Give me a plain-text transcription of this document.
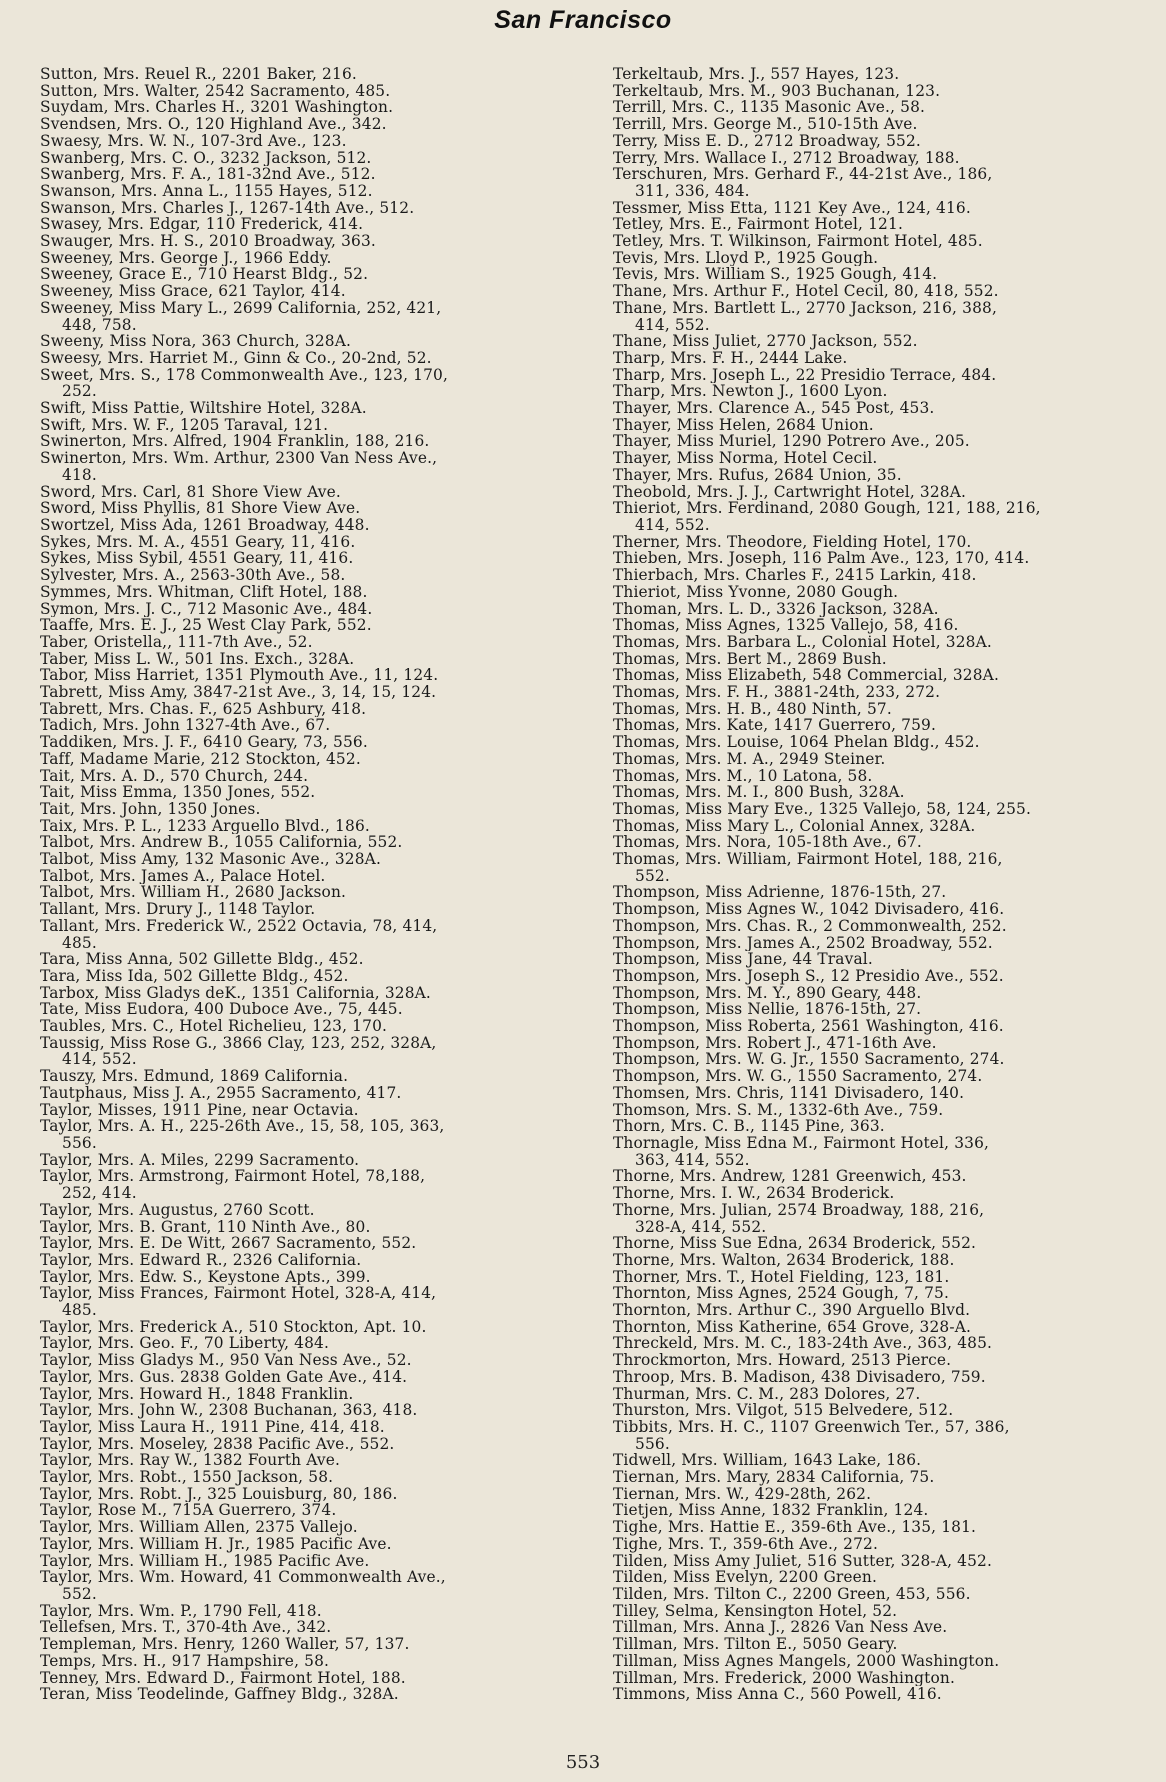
San Francisco
Sutton, Mrs. Reuel R., 2201 Baker, 216.
Sutton, Mrs. Walter, 2542 Sacramento, 485.
Suydam, Mrs. Charles H., 3201 Washington.
Svendsen, Mrs. O., 120 Highland Ave., 342.
Swaesy, Mrs. W. N., 107-3rd Ave., 123.
Swanberg, Mrs. C. O., 3232 Jackson, 512.
Swanberg, Mrs. F. A., 181-32nd Ave., 512.
Swanson, Mrs. Anna L., 1155 Hayes, 512.
Swanson, Mrs. Charles J., 1267-14th Ave., 512.
Swasey, Mrs. Edgar, 110 Frederick, 414.
Swauger, Mrs. H. S., 2010 Broadway, 363.
Sweeney, Mrs. George J., 1966 Eddy.
Sweeney, Grace E., 710 Hearst Bldg., 52.
Sweeney, Miss Grace, 621 Taylor, 414.
Sweeney, Miss Mary L., 2699 California, 252, 421,
448, 758.
Sweeny, Miss Nora, 363 Church, 328A.
Sweesy, Mrs. Harriet M., Ginn & Co., 20-2nd, 52.
Sweet, Mrs. S., 178 Commonwealth Ave., 123, 170,
252.
Swift, Miss Pattie, Wiltshire Hotel, 328A.
Swift, Mrs. W. F., 1205 Taraval, 121.
Swinerton, Mrs. Alfred, 1904 Franklin, 188, 216.
Swinerton, Mrs. Wm. Arthur, 2300 Van Ness Ave.,
418.
Sword, Mrs. Carl, 81 Shore View Ave.
Sword, Miss Phyllis, 81 Shore View Ave.
Swortzel, Miss Ada, 1261 Broadway, 448.
Sykes, Mrs. M. A., 4551 Geary, 11, 416.
Sykes, Miss Sybil, 4551 Geary, 11, 416.
Sylvester, Mrs. A., 2563-30th Ave., 58.
Symmes, Mrs. Whitman, Clift Hotel, 188.
Symon, Mrs. J. C., 712 Masonic Ave., 484.
Taaffe, Mrs. E. J., 25 West Clay Park, 552.
Taber, Oristella,, 111-7th Ave., 52.
Taber, Miss L. W., 501 Ins. Exch., 328A.
Tabor, Miss Harriet, 1351 Plymouth Ave., 11, 124.
Tabrett, Miss Amy, 3847-21st Ave., 3, 14, 15, 124.
Tabrett, Mrs. Chas. F., 625 Ashbury, 418.
Tadich, Mrs. John 1327-4th Ave., 67.
Taddiken, Mrs. J. F., 6410 Geary, 73, 556.
Taff, Madame Marie, 212 Stockton, 452.
Tait, Mrs. A. D., 570 Church, 244.
Tait, Miss Emma, 1350 Jones, 552.
Tait, Mrs. John, 1350 Jones.
Taix, Mrs. P. L., 1233 Arguello Blvd., 186.
Talbot, Mrs. Andrew B., 1055 California, 552.
Talbot, Miss Amy, 132 Masonic Ave., 328A.
Talbot, Mrs. James A., Palace Hotel.
Talbot, Mrs. William H., 2680 Jackson.
Tallant, Mrs. Drury J., 1148 Taylor.
Tallant, Mrs. Frederick W., 2522 Octavia, 78, 414,
485.
Tara, Miss Anna, 502 Gillette Bldg., 452.
Tara, Miss Ida, 502 Gillette Bldg., 452.
Tarbox, Miss Gladys deK., 1351 California, 328A.
Tate, Miss Eudora, 400 Duboce Ave., 75, 445.
Taubles, Mrs. C., Hotel Richelieu, 123, 170.
Taussig, Miss Rose G., 3866 Clay, 123, 252, 328A,
414, 552.
Tauszy, Mrs. Edmund, 1869 California.
Tautphaus, Miss J. A., 2955 Sacramento, 417.
Taylor, Misses, 1911 Pine, near Octavia.
Taylor, Mrs. A. H., 225-26th Ave., 15, 58, 105, 363,
556.
Taylor, Mrs. A. Miles, 2299 Sacramento.
Taylor, Mrs. Armstrong, Fairmont Hotel, 78,188,
252, 414.
Taylor, Mrs. Augustus, 2760 Scott.
Taylor, Mrs. B. Grant, 110 Ninth Ave., 80.
Taylor, Mrs. E. De Witt, 2667 Sacramento, 552.
Taylor, Mrs. Edward R., 2326 California.
Taylor, Mrs. Edw. S., Keystone Apts., 399.
Taylor, Miss Frances, Fairmont Hotel, 328-A, 414,
485.
Taylor, Mrs. Frederick A., 510 Stockton, Apt. 10.
Taylor, Mrs. Geo. F., 70 Liberty, 484.
Taylor, Miss Gladys M., 950 Van Ness Ave., 52.
Taylor, Mrs. Gus. 2838 Golden Gate Ave., 414.
Taylor, Mrs. Howard H., 1848 Franklin.
Taylor, Mrs. John W., 2308 Buchanan, 363, 418.
Taylor, Miss Laura H., 1911 Pine, 414, 418.
Taylor, Mrs. Moseley, 2838 Pacific Ave., 552.
Taylor, Mrs. Ray W., 1382 Fourth Ave.
Taylor, Mrs. Robt., 1550 Jackson, 58.
Taylor, Mrs. Robt. J., 325 Louisburg, 80, 186.
Taylor, Rose M., 715A Guerrero, 374.
Taylor, Mrs. William Allen, 2375 Vallejo.
Taylor, Mrs. William H. Jr., 1985 Pacific Ave.
Taylor, Mrs. William H., 1985 Pacific Ave.
Taylor, Mrs. Wm. Howard, 41 Commonwealth Ave.,
552.
Taylor, Mrs. Wm. P., 1790 Fell, 418.
Tellefsen, Mrs. T., 370-4th Ave., 342.
Templeman, Mrs. Henry, 1260 Waller, 57, 137.
Temps, Mrs. H., 917 Hampshire, 58.
Tenney, Mrs. Edward D., Fairmont Hotel, 188.
Teran, Miss Teodelinde, Gaffney Bldg., 328A.
Terkeltaub, Mrs. J., 557 Hayes, 123.
Terkeltaub, Mrs. M., 903 Buchanan, 123.
Terrill, Mrs. C., 1135 Masonic Ave., 58.
Terrill, Mrs. George M., 510-15th Ave.
Terry, Miss E. D., 2712 Broadway, 552.
Terry, Mrs. Wallace I., 2712 Broadway, 188.
Terschuren, Mrs. Gerhard F., 44-21st Ave., 186,
311, 336, 484.
Tessmer, Miss Etta, 1121 Key Ave., 124, 416.
Tetley, Mrs. E., Fairmont Hotel, 121.
Tetley, Mrs. T. Wilkinson, Fairmont Hotel, 485.
Tevis, Mrs. Lloyd P., 1925 Gough.
Tevis, Mrs. William S., 1925 Gough, 414.
Thane, Mrs. Arthur F., Hotel Cecil, 80, 418, 552.
Thane, Mrs. Bartlett L., 2770 Jackson, 216, 388,
414, 552.
Thane, Miss Juliet, 2770 Jackson, 552.
Tharp, Mrs. F. H., 2444 Lake.
Tharp, Mrs. Joseph L., 22 Presidio Terrace, 484.
Tharp, Mrs. Newton J., 1600 Lyon.
Thayer, Mrs. Clarence A., 545 Post, 453.
Thayer, Miss Helen, 2684 Union.
Thayer, Miss Muriel, 1290 Potrero Ave., 205.
Thayer, Miss Norma, Hotel Cecil.
Thayer, Mrs. Rufus, 2684 Union, 35.
Theobold, Mrs. J. J., Cartwright Hotel, 328A.
Thieriot, Mrs. Ferdinand, 2080 Gough, 121, 188, 216,
414, 552.
Therner, Mrs. Theodore, Fielding Hotel, 170.
Thieben, Mrs. Joseph, 116 Palm Ave., 123, 170, 414.
Thierbach, Mrs. Charles F., 2415 Larkin, 418.
Thieriot, Miss Yvonne, 2080 Gough.
Thoman, Mrs. L. D., 3326 Jackson, 328A.
Thomas, Miss Agnes, 1325 Vallejo, 58, 416.
Thomas, Mrs. Barbara L., Colonial Hotel, 328A.
Thomas, Mrs. Bert M., 2869 Bush.
Thomas, Miss Elizabeth, 548 Commercial, 328A.
Thomas, Mrs. F. H., 3881-24th, 233, 272.
Thomas, Mrs. H. B., 480 Ninth, 57.
Thomas, Mrs. Kate, 1417 Guerrero, 759.
Thomas, Mrs. Louise, 1064 Phelan Bldg., 452.
Thomas, Mrs. M. A., 2949 Steiner.
Thomas, Mrs. M., 10 Latona, 58.
Thomas, Mrs. M. I., 800 Bush, 328A.
Thomas, Miss Mary Eve., 1325 Vallejo, 58, 124, 255.
Thomas, Miss Mary L., Colonial Annex, 328A.
Thomas, Mrs. Nora, 105-18th Ave., 67.
Thomas, Mrs. William, Fairmont Hotel, 188, 216,
552.
Thompson, Miss Adrienne, 1876-15th, 27.
Thompson, Miss Agnes W., 1042 Divisadero, 416.
Thompson, Mrs. Chas. R., 2 Commonwealth, 252.
Thompson, Mrs. James A., 2502 Broadway, 552.
Thompson, Miss Jane, 44 Traval.
Thompson, Mrs. Joseph S., 12 Presidio Ave., 552.
Thompson, Mrs. M. Y., 890 Geary, 448.
Thompson, Miss Nellie, 1876-15th, 27.
Thompson, Miss Roberta, 2561 Washington, 416.
Thompson, Mrs. Robert J., 471-16th Ave.
Thompson, Mrs. W. G. Jr., 1550 Sacramento, 274.
Thompson, Mrs. W. G., 1550 Sacramento, 274.
Thomsen, Mrs. Chris, 1141 Divisadero, 140.
Thomson, Mrs. S. M., 1332-6th Ave., 759.
Thorn, Mrs. C. B., 1145 Pine, 363.
Thornagle, Miss Edna M., Fairmont Hotel, 336,
363, 414, 552.
Thorne, Mrs. Andrew, 1281 Greenwich, 453.
Thorne, Mrs. I. W., 2634 Broderick.
Thorne, Mrs. Julian, 2574 Broadway, 188, 216,
328-A, 414, 552.
Thorne, Miss Sue Edna, 2634 Broderick, 552.
Thorne, Mrs. Walton, 2634 Broderick, 188.
Thorner, Mrs. T., Hotel Fielding, 123, 181.
Thornton, Miss Agnes, 2524 Gough, 7, 75.
Thornton, Mrs. Arthur C., 390 Arguello Blvd.
Thornton, Miss Katherine, 654 Grove, 328-A.
Threckeld, Mrs. M. C., 183-24th Ave., 363, 485.
Throckmorton, Mrs. Howard, 2513 Pierce.
Throop, Mrs. B. Madison, 438 Divisadero, 759.
Thurman, Mrs. C. M., 283 Dolores, 27.
Thurston, Mrs. Vilgot, 515 Belvedere, 512.
Tibbits, Mrs. H. C., 1107 Greenwich Ter., 57, 386,
556.
Tidwell, Mrs. William, 1643 Lake, 186.
Tiernan, Mrs. Mary, 2834 California, 75.
Tiernan, Mrs. W., 429-28th, 262.
Tietjen, Miss Anne, 1832 Franklin, 124.
Tighe, Mrs. Hattie E., 359-6th Ave., 135, 181.
Tighe, Mrs. T., 359-6th Ave., 272.
Tilden, Miss Amy Juliet, 516 Sutter, 328-A, 452.
Tilden, Miss Evelyn, 2200 Green.
Tilden, Mrs. Tilton C., 2200 Green, 453, 556.
Tilley, Selma, Kensington Hotel, 52.
Tillman, Mrs. Anna J., 2826 Van Ness Ave.
Tillman, Mrs. Tilton E., 5050 Geary.
Tillman, Miss Agnes Mangels, 2000 Washington.
Tillman, Mrs. Frederick, 2000 Washington.
Timmons, Miss Anna C., 560 Powell, 416.
553
